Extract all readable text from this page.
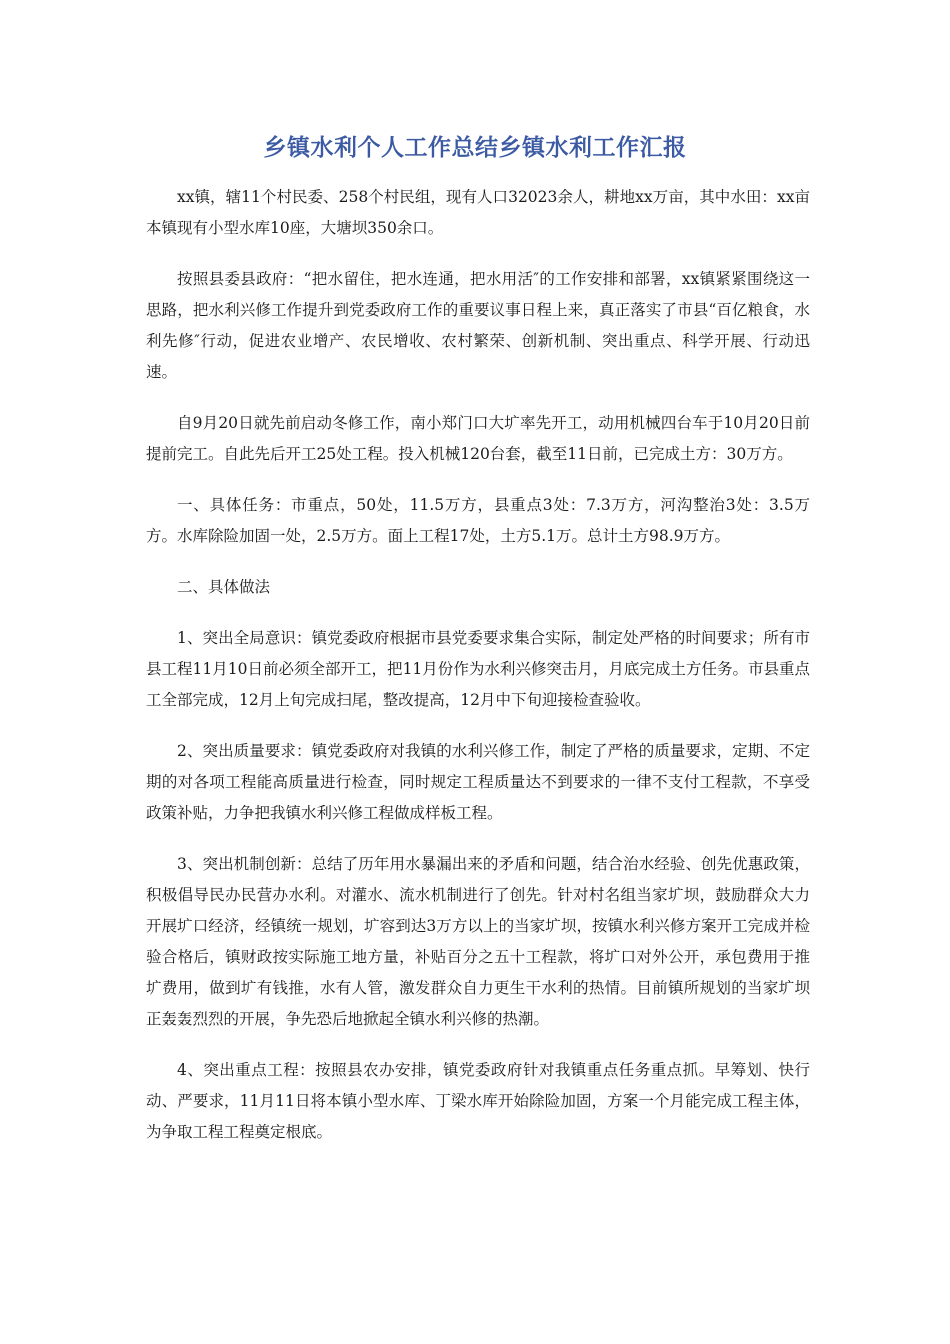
乡镇水利个人工作总结乡镇水利工作汇报

xx镇，辖11个村民委、258个村民组，现有人口32023余人，耕地xx万亩，其中水田：xx亩本镇现有小型水库10座，大塘坝350余口。

按照县委县政府：“把水留住，把水连通，把水用活″的工作安排和部署，xx镇紧紧围绕这一思路，把水利兴修工作提升到党委政府工作的重要议事日程上来，真正落实了市县“百亿粮食，水利先修″行动，促进农业增产、农民增收、农村繁荣、创新机制、突出重点、科学开展、行动迅速。

自9月20日就先前启动冬修工作，南小郑门口大圹率先开工，动用机械四台车于10月20日前提前完工。自此先后开工25处工程。投入机械120台套，截至11日前，已完成土方：30万方。

一、具体任务：市重点，50处，11.5万方，县重点3处：7.3万方，河沟整治3处：3.5万方。水库除险加固一处，2.5万方。面上工程17处，土方5.1万。总计土方98.9万方。

二、具体做法

1、突出全局意识：镇党委政府根据市县党委要求集合实际，制定处严格的时间要求；所有市县工程11月10日前必须全部开工，把11月份作为水利兴修突击月，月底完成土方任务。市县重点工全部完成，12月上旬完成扫尾，整改提高，12月中下旬迎接检查验收。

2、突出质量要求：镇党委政府对我镇的水利兴修工作，制定了严格的质量要求，定期、不定期的对各项工程能高质量进行检查，同时规定工程质量达不到要求的一律不支付工程款，不享受政策补贴，力争把我镇水利兴修工程做成样板工程。

3、突出机制创新：总结了历年用水暴漏出来的矛盾和问题，结合治水经验、创先优惠政策，积极倡导民办民营办水利。对灌水、流水机制进行了创先。针对村名组当家圹坝，鼓励群众大力开展圹口经济，经镇统一规划，圹容到达3万方以上的当家圹坝，按镇水利兴修方案开工完成并检验合格后，镇财政按实际施工地方量，补贴百分之五十工程款，将圹口对外公开，承包费用于推圹费用，做到圹有钱推，水有人管，激发群众自力更生干水利的热情。目前镇所规划的当家圹坝正轰轰烈烈的开展，争先恐后地掀起全镇水利兴修的热潮。

4、突出重点工程：按照县农办安排，镇党委政府针对我镇重点任务重点抓。早筹划、快行动、严要求，11月11日将本镇小型水库、丁梁水库开始除险加固，方案一个月能完成工程主体，为争取工程工程奠定根底。
